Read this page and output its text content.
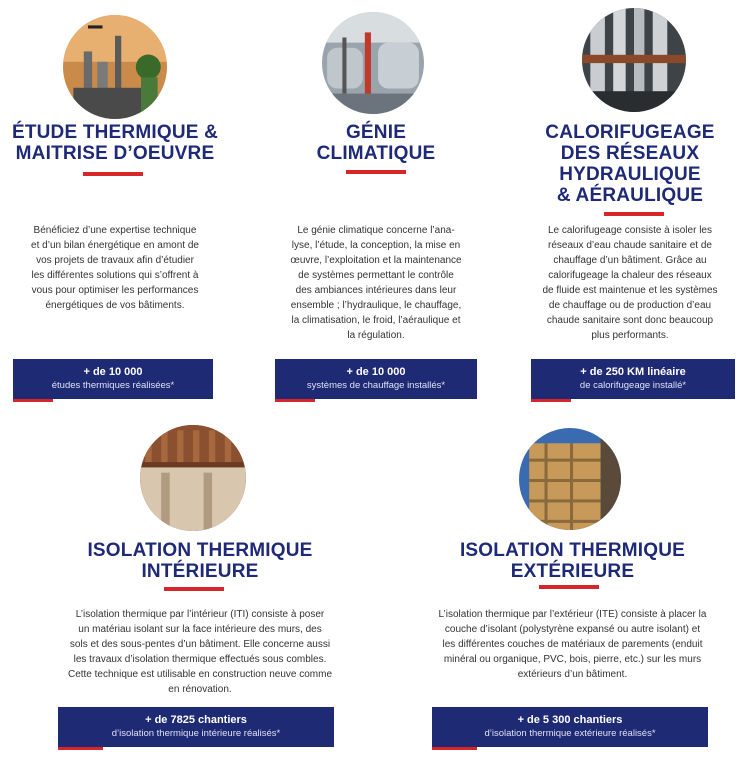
ÉTUDE THERMIQUE &
MAITRISE D’OEUVRE
Bénéficiez d’une expertise technique
et d’un bilan énergétique en amont de
vos projets de travaux afin d’étudier
les différentes solutions qui s’offrent à
vous pour optimiser les performances
énergétiques de vos bâtiments.
+ de 10 000
études thermiques réalisées*
GÉNIE
CLIMATIQUE
Le génie climatique concerne l’ana-
lyse, l’étude, la conception, la mise en
œuvre, l’exploitation et la maintenance
de systèmes permettant le contrôle
des ambiances intérieures dans leur
ensemble ; l’hydraulique, le chauffage,
la climatisation, le froid, l’aéraulique et
la régulation.
+ de 10 000
systèmes de chauffage installés*
CALORIFUGEAGE
DES RÉSEAUX
HYDRAULIQUE
& AÉRAULIQUE
Le calorifugeage consiste à isoler les
réseaux d’eau chaude sanitaire et de
chauffage d’un bâtiment. Grâce au
calorifugeage la chaleur des réseaux
de fluide est maintenue et les systèmes
de chauffage ou de production d’eau
chaude sanitaire sont donc beaucoup
plus performants.
+ de 250 KM linéaire
de calorifugeage installé*
ISOLATION THERMIQUE
INTÉRIEURE
L’isolation thermique par l’intérieur (ITI) consiste à poser
un matériau isolant sur la face intérieure des murs, des
sols et des sous-pentes d’un bâtiment. Elle concerne aussi
les travaux d’isolation thermique effectués sous combles.
Cette technique est utilisable en construction neuve comme
en rénovation.
+ de 7825 chantiers
d’isolation thermique intérieure réalisés*
ISOLATION THERMIQUE
EXTÉRIEURE
L’isolation thermique par l’extérieur (ITE) consiste à placer la
couche d’isolant (polystyrène expansé ou autre isolant) et
les différentes couches de matériaux de parements (enduit
minéral ou organique, PVC, bois, pierre, etc.) sur les murs
extérieurs d’un bâtiment.
+ de 5 300 chantiers
d’isolation thermique extérieure réalisés*
